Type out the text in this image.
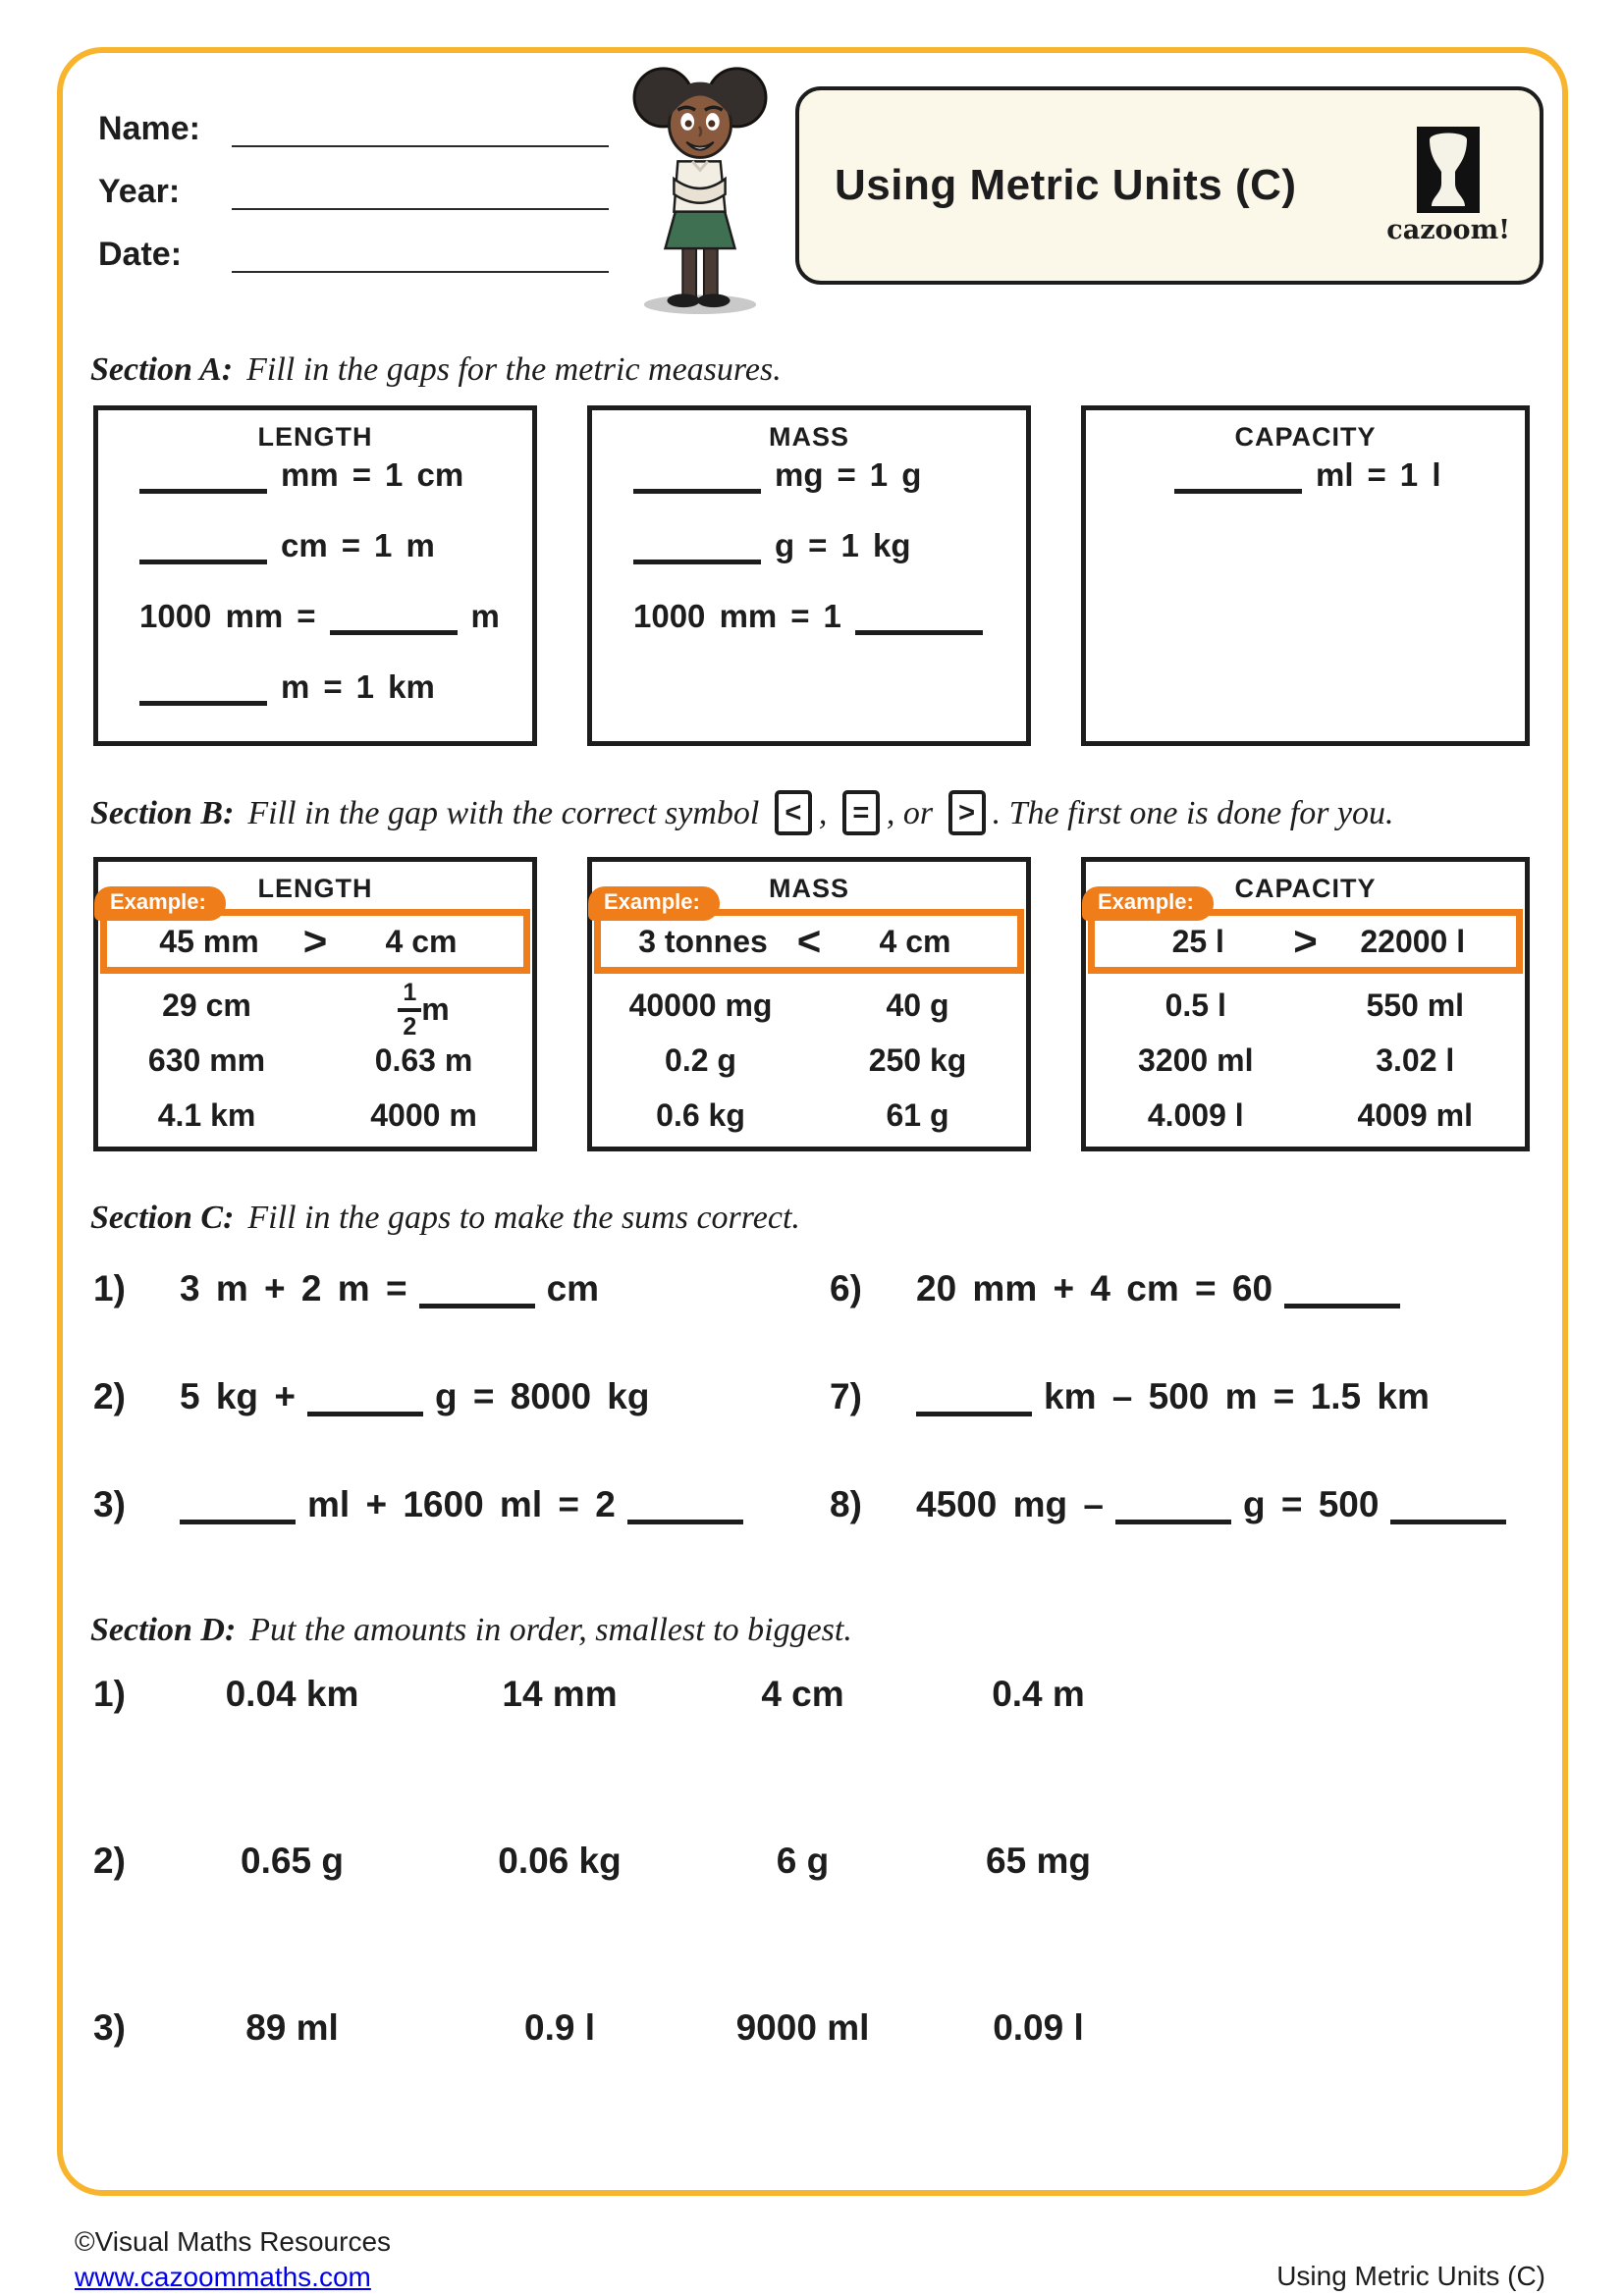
Name:
Year:
Date:
Using Metric Units (C)
cazoom!
Section A: Fill in the gaps for the metric measures.
LENGTH
mm = 1 cm
cm = 1 m
1000 mm =	m
m = 1 km
MASS
mg = 1 g
g = 1 kg
1000 mm = 1
CAPACITY
ml = 1 l
Section B: Fill in the gap with the correct symbol < , = , or > . The first one is done for you.
LENGTH
Example:
45 mm	>	4 cm
29 cm	$\frac{1}{2}$ m
630 mm	0.63 m
4.1 km	4000 m
MASS
Example:
3 tonnes <	4 cm
40000 mg	40 g
0.2 g	250 kg
0.6 kg	61 g
CAPACITY
Example:
25 l	>	22000 l
0.5 l	550 ml
3200 ml	3.02 l
4.009 l	4009 ml
Section C: Fill in the gaps to make the sums correct.
1)	3 m + 2 m =	cm
2)	5 kg +	g = 8000 kg
3)	ml + 1600 ml = 2
6)	20 mm + 4 cm = 60
7)	km – 500 m = 1.5 km
8)	4500 mg –	g = 500
Section D: Put the amounts in order, smallest to biggest.
1)	0.04 km	14 mm	4 cm	0.4 m
2)	0.65 g	0.06 kg	6 g	65 mg
3)	89 ml	0.9 l	9000 ml	0.09 l
©Visual Maths Resources
www.cazoommaths.com	Using Metric Units (C)
